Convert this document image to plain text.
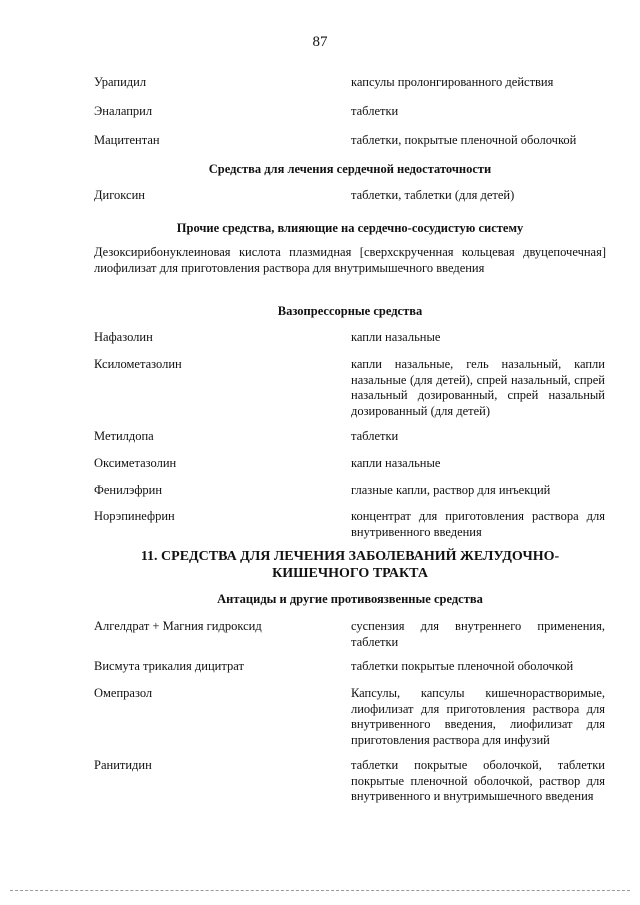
87
Урапидил	капсулы пролонгированного действия
Эналаприл	таблетки
Мацитентан	таблетки, покрытые пленочной оболочкой
Средства для лечения сердечной недостаточности
Дигоксин	таблетки, таблетки (для детей)
Прочие средства, влияющие на сердечно-сосудистую систему
Дезоксирибонуклеиновая кислота плазмидная [сверхскрученная кольцевая двуцепочечная] лиофилизат для приготовления раствора для внутримышечного введения
Вазопрессорные средства
Нафазолин	капли назальные
Ксилометазолин	капли назальные, гель назальный, капли назальные (для детей), спрей назальный, спрей назальный дозированный, спрей назальный дозированный (для детей)
Метилдопа	таблетки
Оксиметазолин	капли назальные
Фенилэфрин	глазные капли, раствор для инъекций
Норэпинефрин	концентрат для приготовления раствора для внутривенного введения
11. СРЕДСТВА ДЛЯ ЛЕЧЕНИЯ ЗАБОЛЕВАНИЙ ЖЕЛУДОЧНО-КИШЕЧНОГО ТРАКТА
Антациды и другие противоязвенные средства
Алгелдрат + Магния гидроксид	суспензия для внутреннего применения, таблетки
Висмута трикалия дицитрат	таблетки покрытые пленочной оболочкой
Омепразол	Капсулы, капсулы кишечнорастворимые, лиофилизат для приготовления раствора для внутривенного введения, лиофилизат для приготовления раствора для инфузий
Ранитидин	таблетки покрытые оболочкой, таблетки покрытые пленочной оболочкой, раствор для внутривенного и внутримышечного введения
